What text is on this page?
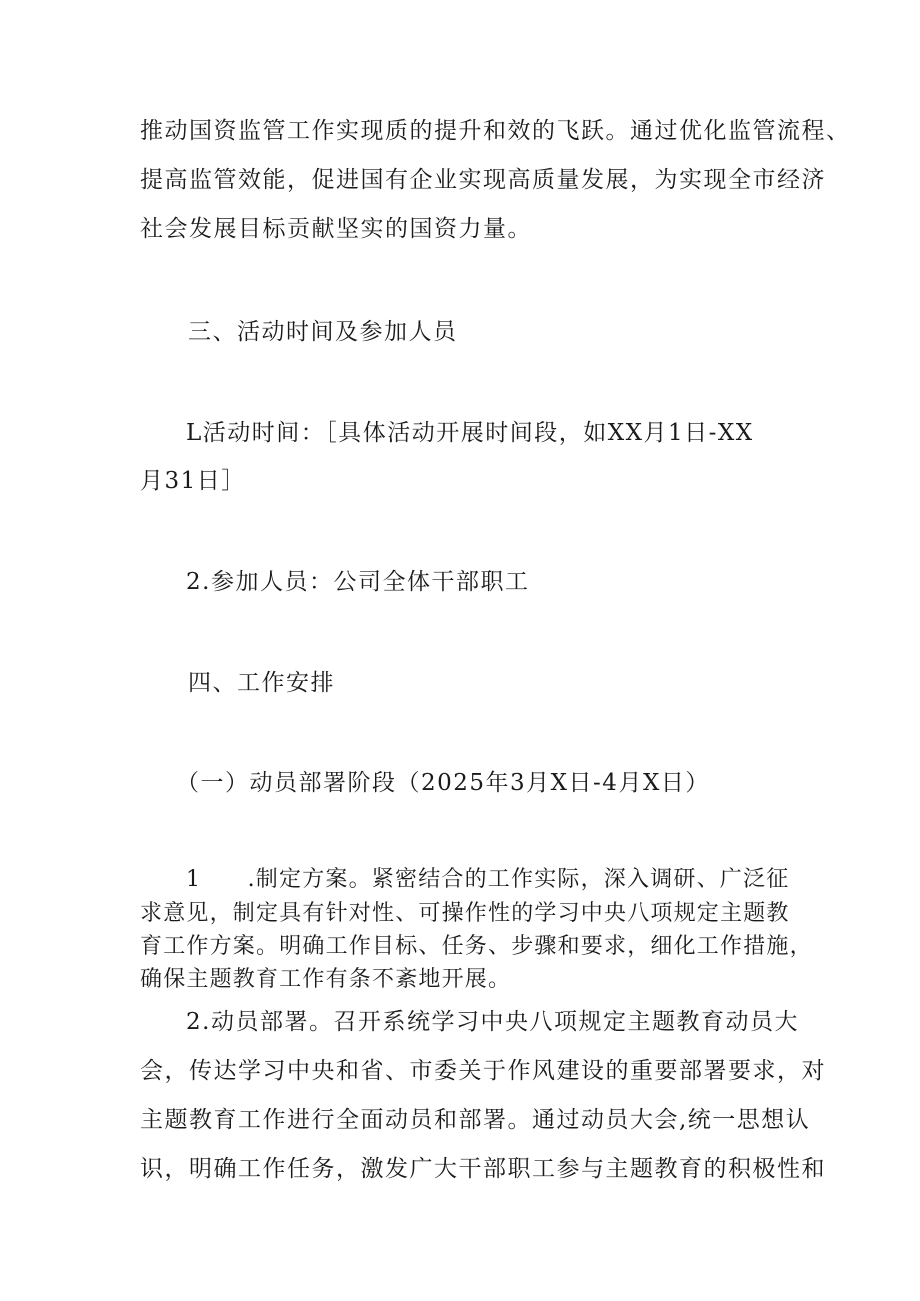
推动国资监管工作实现质的提升和效的飞跃。通过优化监管流程、
提高监管效能，促进国有企业实现高质量发展，为实现全市经济
社会发展目标贡献坚实的国资力量。
三、活动时间及参加人员
L活动时间：［具体活动开展时间段，如XX月1日-XX
月31日］
2.参加人员：公司全体干部职工
四、工作安排
（一）动员部署阶段（2025年3月X日-4月X日）
1　　.制定方案。紧密结合的工作实际，深入调研、广泛征
求意见，制定具有针对性、可操作性的学习中央八项规定主题教
育工作方案。明确工作目标、任务、步骤和要求，细化工作措施，
确保主题教育工作有条不紊地开展。
2.动员部署。召开系统学习中央八项规定主题教育动员大
会，传达学习中央和省、市委关于作风建设的重要部署要求，对
主题教育工作进行全面动员和部署。通过动员大会,统一思想认
识，明确工作任务，激发广大干部职工参与主题教育的积极性和
